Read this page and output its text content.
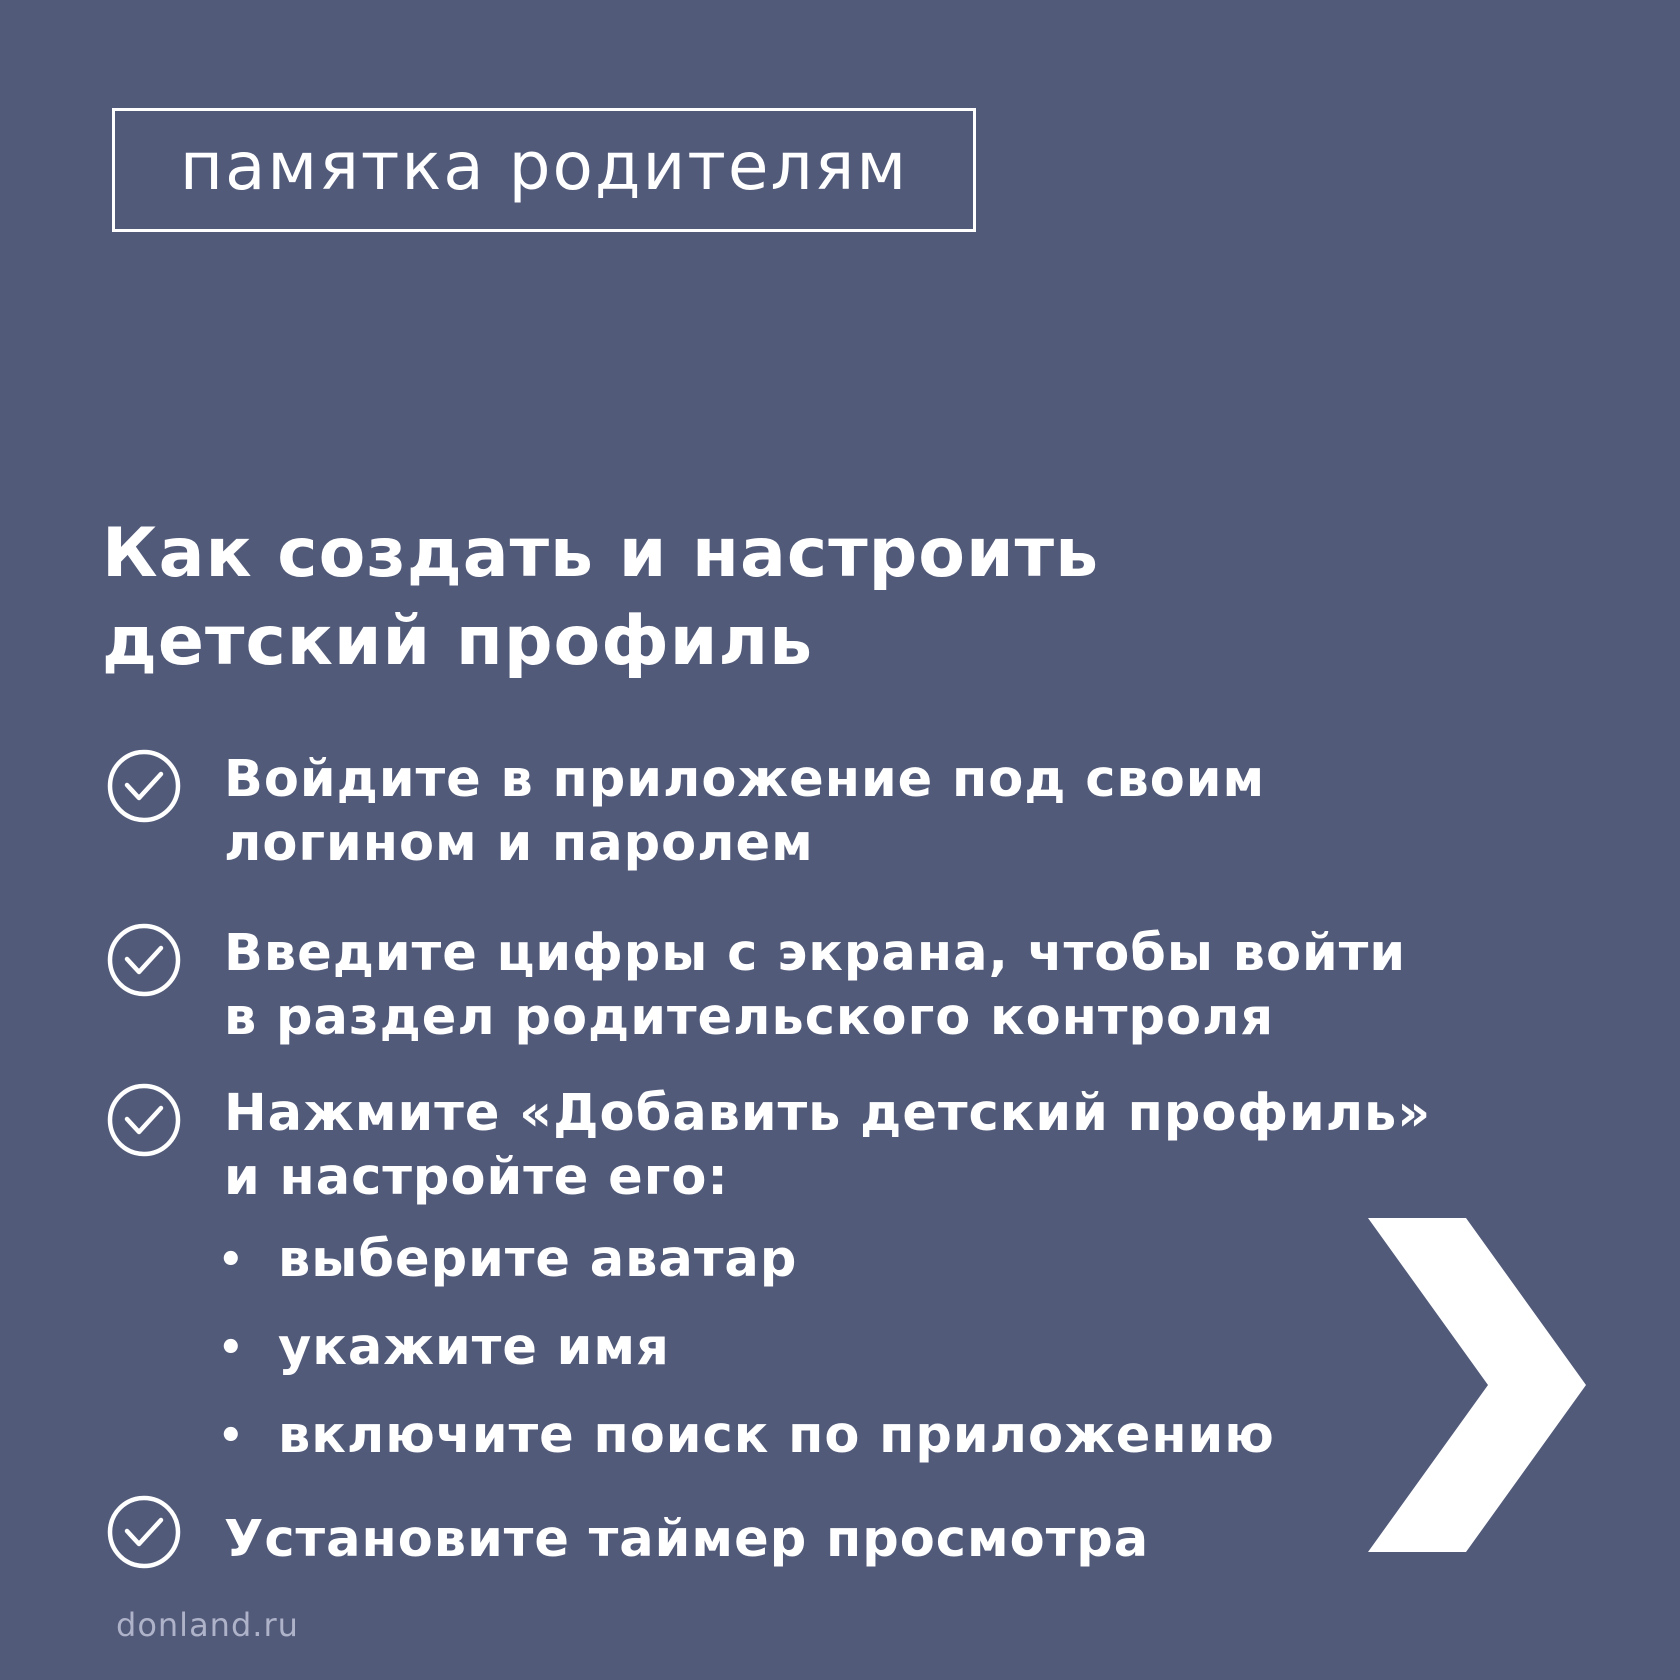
памятка родителям
Как создать и настроить
детский профиль
Войдите в приложение под своим
логином и паролем
Введите цифры с экрана, чтобы войти
в раздел родительского контроля
Нажмите «Добавить детский профиль»
и настройте его:
• выберите аватар
• укажите имя
• включите поиск по приложению
Установите таймер просмотра
donland.ru
